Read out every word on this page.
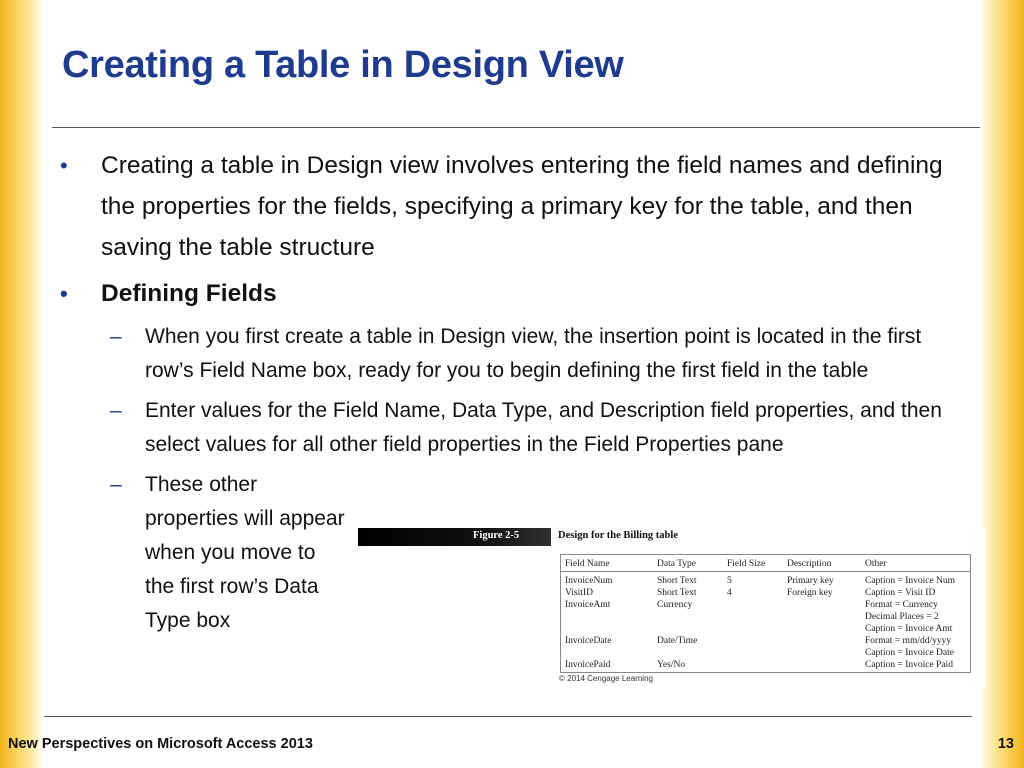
Creating a Table in Design View
• Creating a table in Design view involves entering the field names and defining the properties for the fields, specifying a primary key for the table, and then saving the table structure
• Defining Fields
– When you first create a table in Design view, the insertion point is located in the first row’s Field Name box, ready for you to begin defining the first field in the table
– Enter values for the Field Name, Data Type, and Description field properties, and then select values for all other field properties in the Field Properties pane
– These other properties will appear when you move to the first row’s Data Type box
Figure 2-5	Design for the Billing table
Field Name	Data Type	Field Size	Description	Other
InvoiceNum	Short Text	5	Primary key	Caption = Invoice Num
VisitID	Short Text	4	Foreign key	Caption = Visit ID
InvoiceAmt	Currency			Format = Currency
				Decimal Places = 2
				Caption = Invoice Amt
InvoiceDate	Date/Time			Format = mm/dd/yyyy
				Caption = Invoice Date
InvoicePaid	Yes/No			Caption = Invoice Paid
© 2014 Cengage Learning
New Perspectives on Microsoft Access 2013	13
